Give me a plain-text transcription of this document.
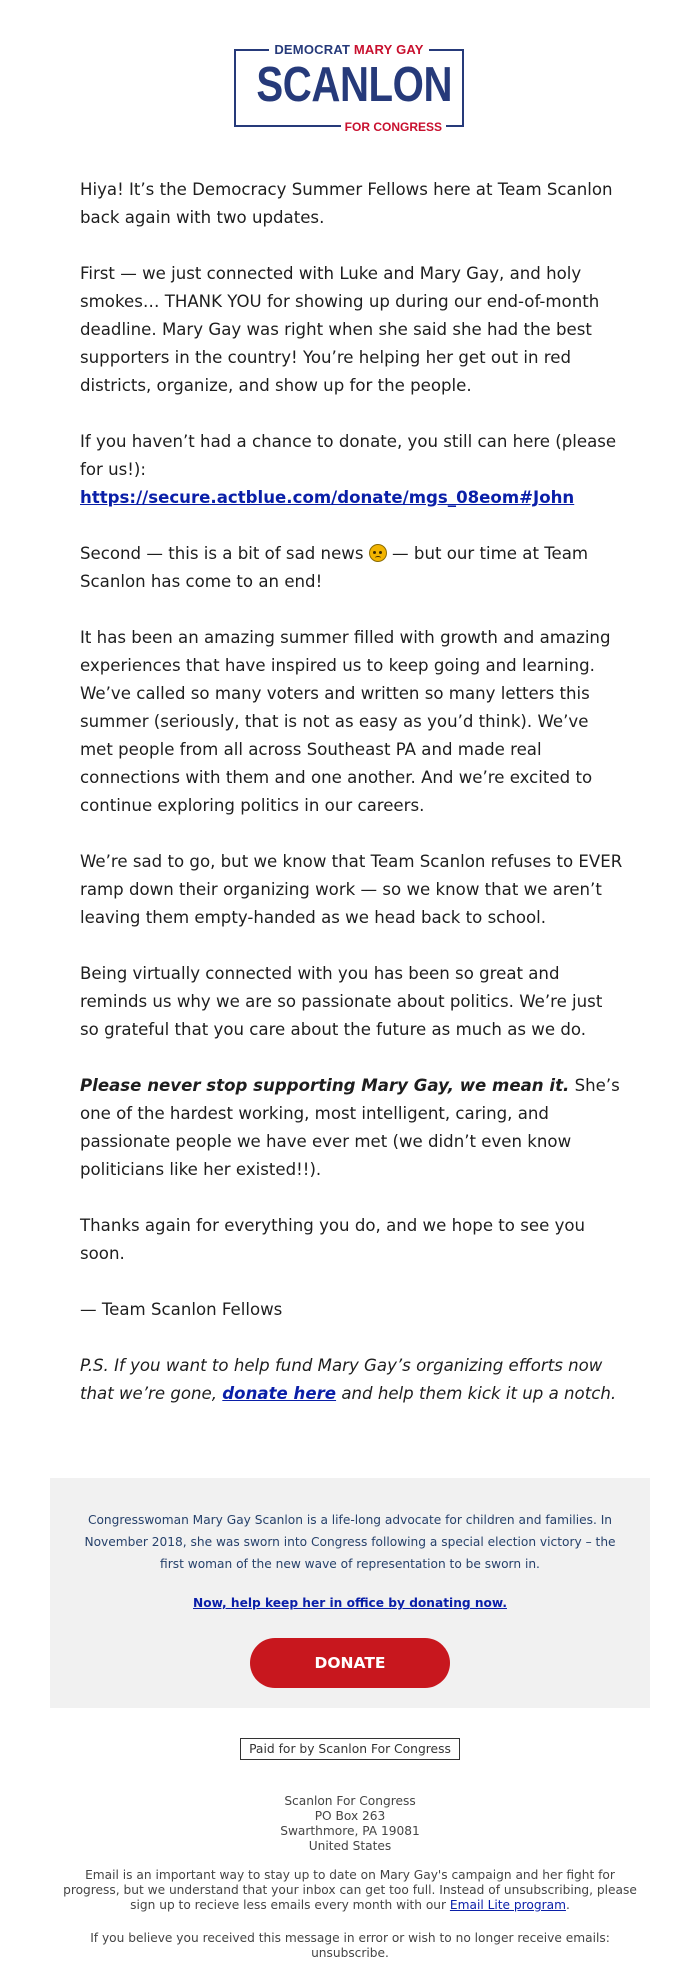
DEMOCRAT MARY GAY
SCANLON
FOR CONGRESS

Hiya! It’s the Democracy Summer Fellows here at Team Scanlon back again with two updates.

First — we just connected with Luke and Mary Gay, and holy smokes… THANK YOU for showing up during our end-of-month deadline. Mary Gay was right when she said she had the best supporters in the country! You’re helping her get out in red districts, organize, and show up for the people.

If you haven’t had a chance to donate, you still can here (please for us!): https://secure.actblue.com/donate/mgs_08eom#John

Second — this is a bit of sad news  — but our time at Team Scanlon has come to an end!

It has been an amazing summer filled with growth and amazing experiences that have inspired us to keep going and learning. We’ve called so many voters and written so many letters this summer (seriously, that is not as easy as you’d think). We’ve met people from all across Southeast PA and made real connections with them and one another. And we’re excited to continue exploring politics in our careers.

We’re sad to go, but we know that Team Scanlon refuses to EVER ramp down their organizing work — so we know that we aren’t leaving them empty-handed as we head back to school.

Being virtually connected with you has been so great and reminds us why we are so passionate about politics. We’re just so grateful that you care about the future as much as we do.

Please never stop supporting Mary Gay, we mean it. She’s one of the hardest working, most intelligent, caring, and passionate people we have ever met (we didn’t even know politicians like her existed!!).

Thanks again for everything you do, and we hope to see you soon.

— Team Scanlon Fellows

P.S. If you want to help fund Mary Gay’s organizing efforts now that we’re gone, donate here and help them kick it up a notch.

Congresswoman Mary Gay Scanlon is a life-long advocate for children and families. In November 2018, she was sworn into Congress following a special election victory – the first woman of the new wave of representation to be sworn in.
Now, help keep her in office by donating now.
DONATE
Paid for by Scanlon For Congress
Scanlon For Congress
PO Box 263
Swarthmore, PA 19081
United States
Email is an important way to stay up to date on Mary Gay's campaign and her fight for progress, but we understand that your inbox can get too full. Instead of unsubscribing, please sign up to recieve less emails every month with our Email Lite program.
If you believe you received this message in error or wish to no longer receive emails: unsubscribe.
